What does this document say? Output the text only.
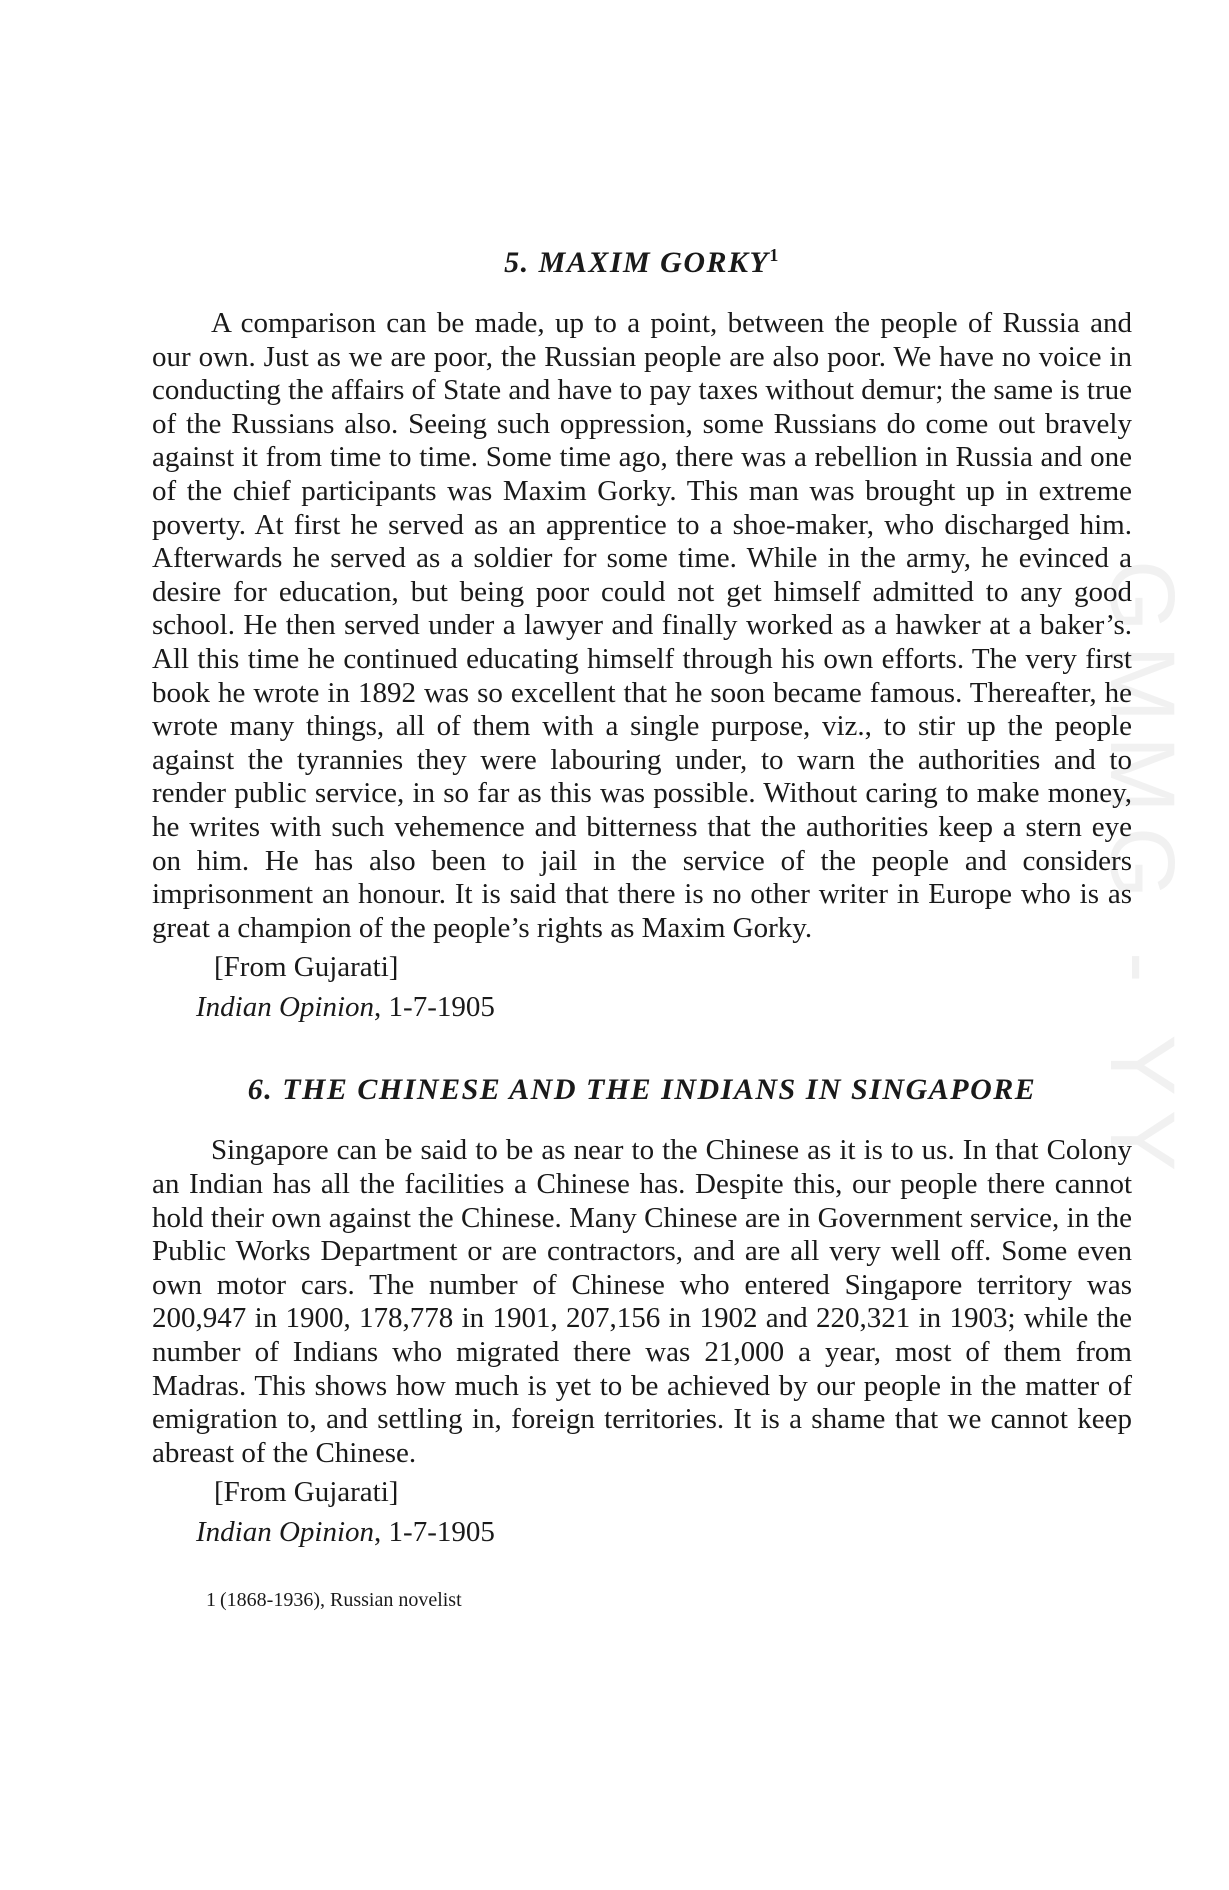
GMMG - YY
5. MAXIM GORKY$^1$

A comparison can be made, up to a point, between the people of Russia and our own. Just as we are poor, the Russian people are also poor. We have no voice in conducting the affairs of State and have to pay taxes without demur; the same is true of the Russians also. Seeing such oppression, some Russians do come out bravely against it from time to time. Some time ago, there was a rebellion in Russia and one of the chief participants was Maxim Gorky. This man was brought up in extreme poverty. At first he served as an apprentice to a shoe-maker, who discharged him. Afterwards he served as a soldier for some time. While in the army, he evinced a desire for education, but being poor could not get himself admitted to any good school. He then served under a lawyer and finally worked as a hawker at a baker’s. All this time he continued educating himself through his own efforts. The very first book he wrote in 1892 was so excellent that he soon became famous. Thereafter, he wrote many things, all of them with a single purpose, viz., to stir up the people against the tyrannies they were labouring under, to warn the authorities and to render public service, in so far as this was possible. Without caring to make money, he writes with such vehemence and bitterness that the authorities keep a stern eye on him. He has also been to jail in the service of the people and considers imprisonment an honour. It is said that there is no other writer in Europe who is as great a champion of the people’s rights as Maxim Gorky.

[From Gujarati]
Indian Opinion, 1-7-1905
6. THE CHINESE AND THE INDIANS IN SINGAPORE

Singapore can be said to be as near to the Chinese as it is to us. In that Colony an Indian has all the facilities a Chinese has. Despite this, our people there cannot hold their own against the Chinese. Many Chinese are in Government service, in the Public Works Department or are contractors, and are all very well off. Some even own motor cars. The number of Chinese who entered Singapore territory was 200,947 in 1900, 178,778 in 1901, 207,156 in 1902 and 220,321 in 1903; while the number of Indians who migrated there was 21,000 a year, most of them from Madras. This shows how much is yet to be achieved by our people in the matter of emigration to, and settling in, foreign territories. It is a shame that we cannot keep abreast of the Chinese.

[From Gujarati]
Indian Opinion, 1-7-1905
1 (1868-1936), Russian novelist
